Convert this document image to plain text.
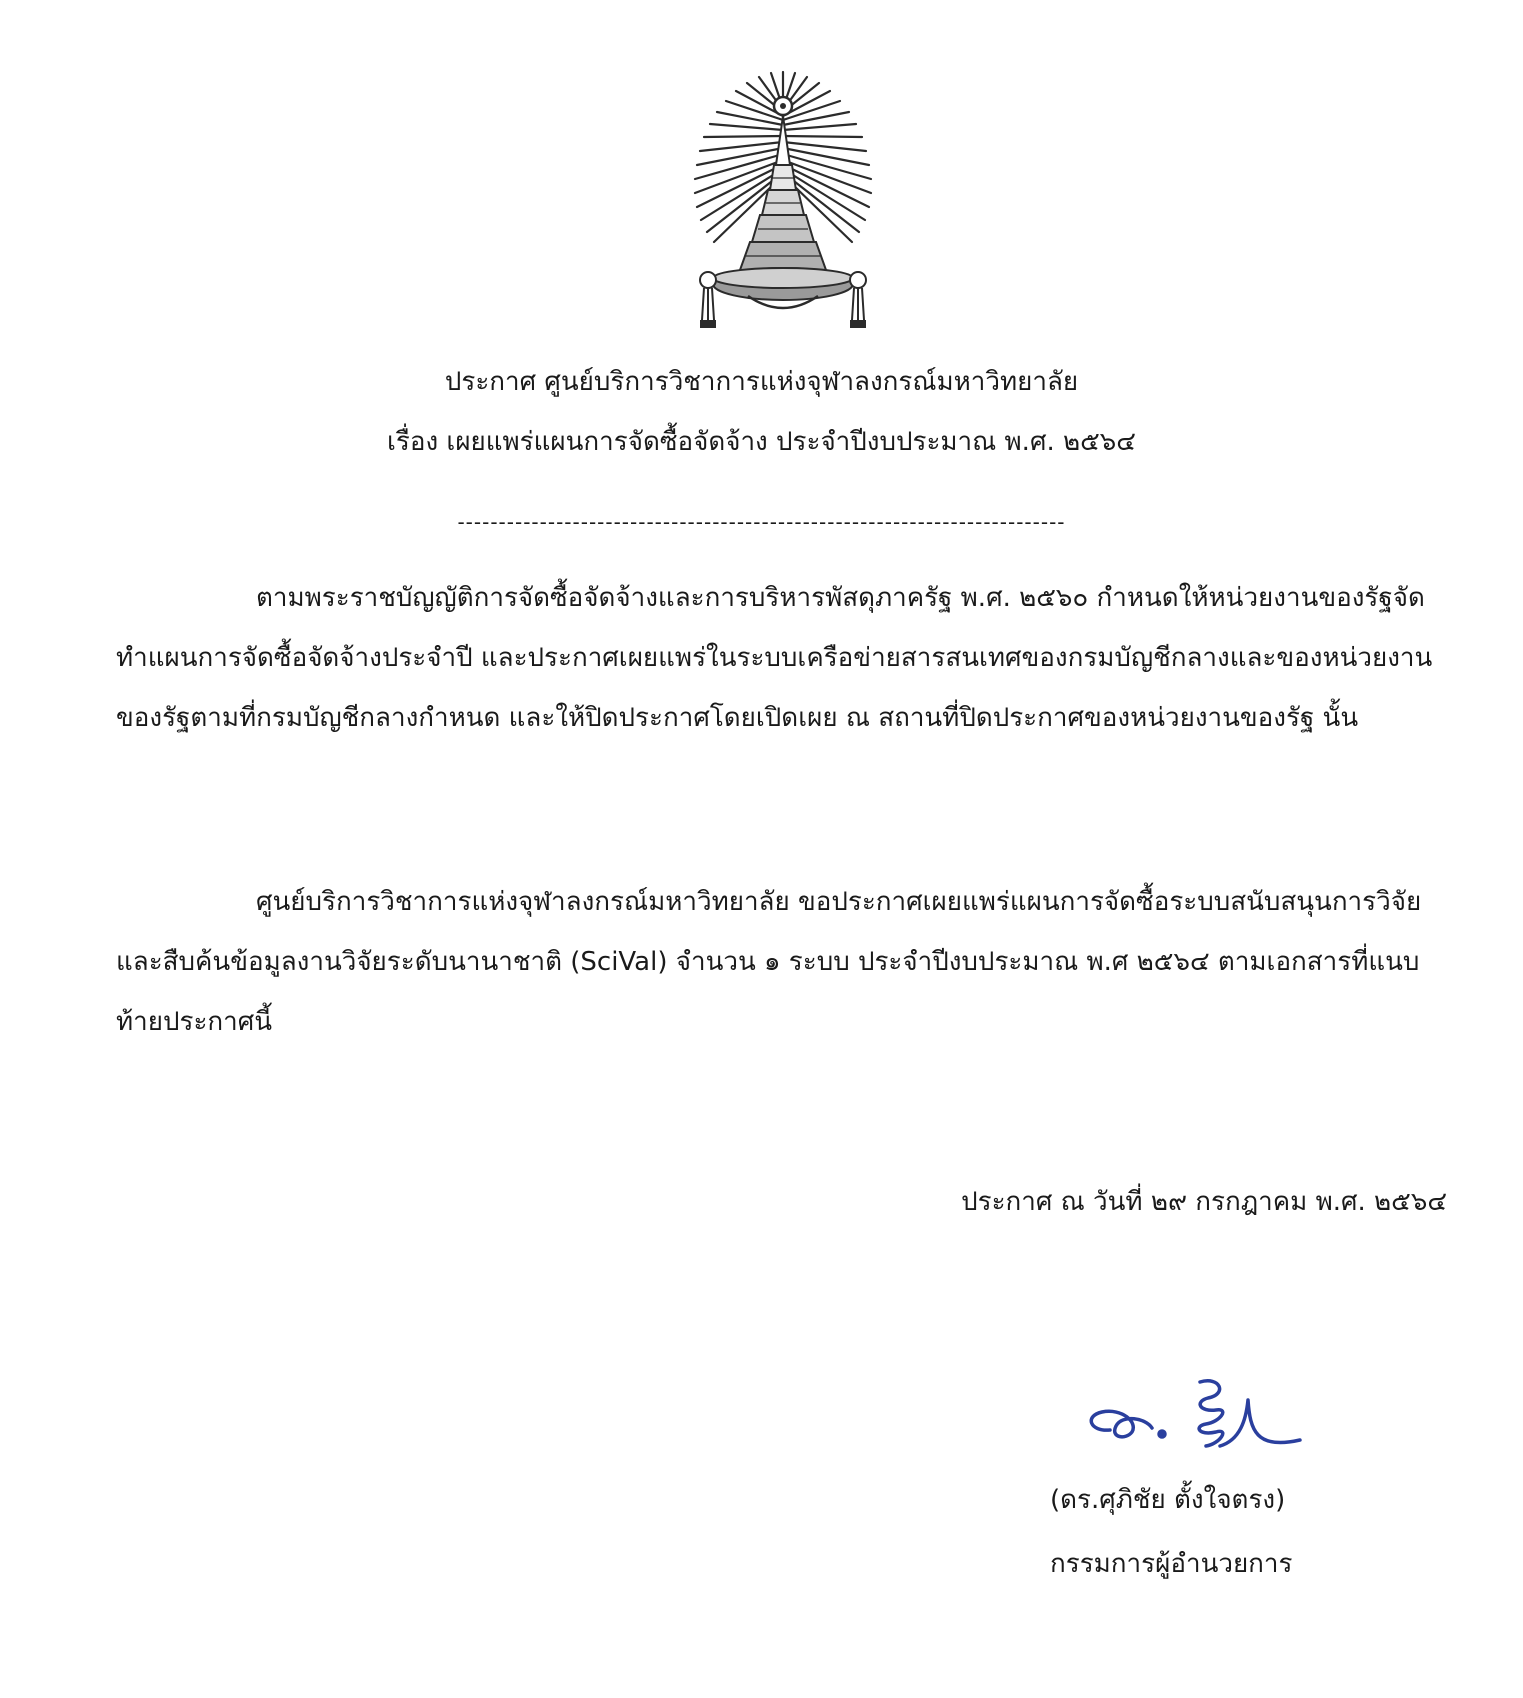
ประกาศ ศูนย์บริการวิชาการแห่งจุฬาลงกรณ์มหาวิทยาลัย
เรื่อง เผยแพร่แผนการจัดซื้อจัดจ้าง ประจำปีงบประมาณ พ.ศ. ๒๕๖๔
--------------------------------------------------------------------------
ตามพระราชบัญญัติการจัดซื้อจัดจ้างและการบริหารพัสดุภาครัฐ พ.ศ. ๒๕๖๐ กำหนดให้หน่วยงานของรัฐจัดทำแผนการจัดซื้อจัดจ้างประจำปี และประกาศเผยแพร่ในระบบเครือข่ายสารสนเทศของกรมบัญชีกลางและของหน่วยงานของรัฐตามที่กรมบัญชีกลางกำหนด และให้ปิดประกาศโดยเปิดเผย ณ สถานที่ปิดประกาศของหน่วยงานของรัฐ นั้น
ศูนย์บริการวิชาการแห่งจุฬาลงกรณ์มหาวิทยาลัย ขอประกาศเผยแพร่แผนการจัดซื้อระบบสนับสนุนการวิจัยและสืบค้นข้อมูลงานวิจัยระดับนานาชาติ (SciVal) จำนวน ๑ ระบบ ประจำปีงบประมาณ พ.ศ ๒๕๖๔ ตามเอกสารที่แนบท้ายประกาศนี้
ประกาศ ณ วันที่ ๒๙ กรกฎาคม พ.ศ. ๒๕๖๔
(ดร.ศุภิชัย ตั้งใจตรง)
กรรมการผู้อำนวยการ
